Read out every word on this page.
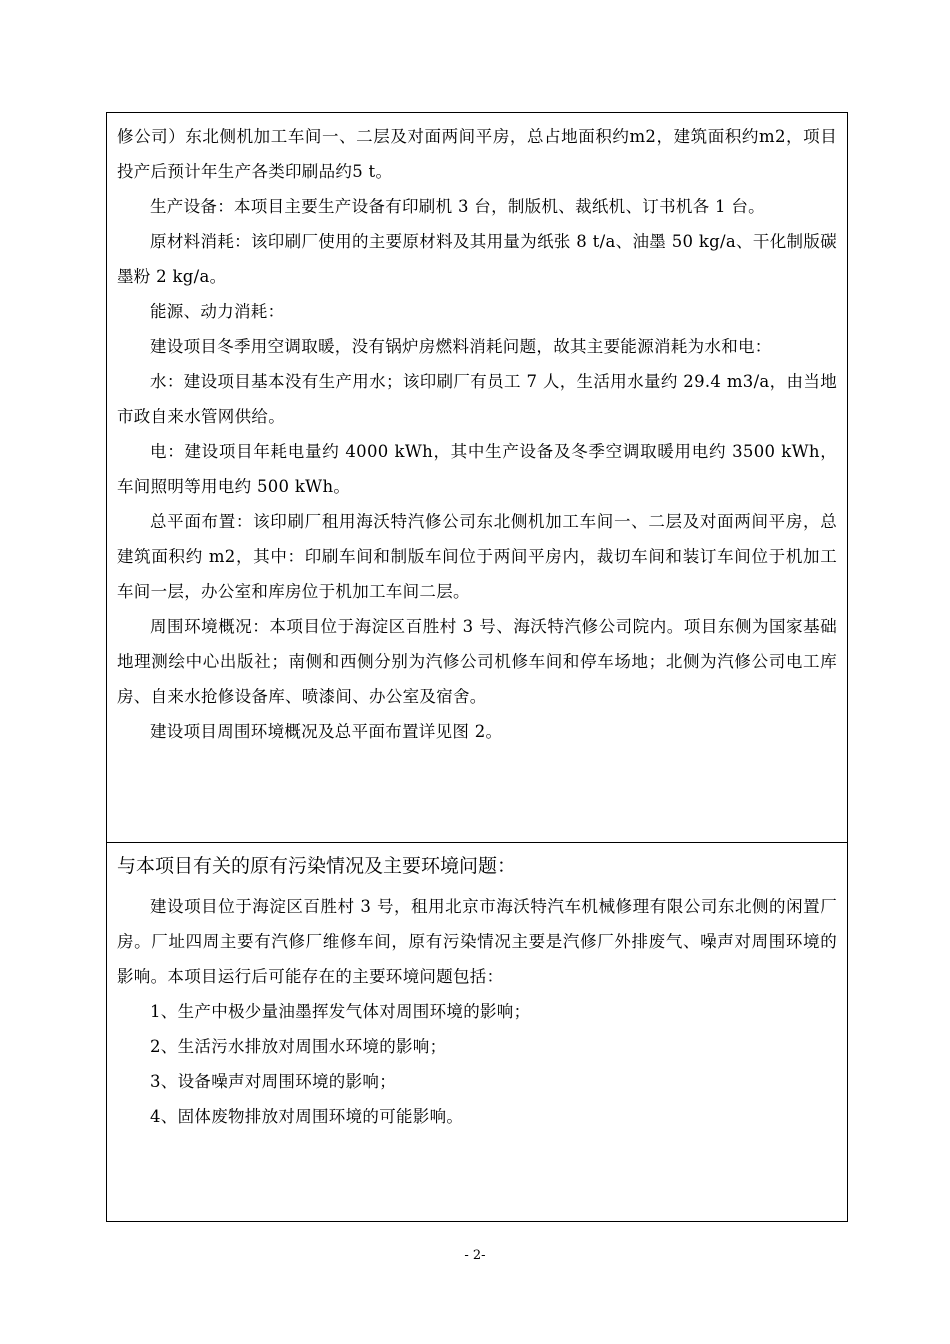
修公司）东北侧机加工车间一、二层及对面两间平房，总占地面积约m2，建筑面积约m2，项目投产后预计年生产各类印刷品约5 t。

生产设备：本项目主要生产设备有印刷机 3 台，制版机、裁纸机、订书机各 1 台。

原材料消耗：该印刷厂使用的主要原材料及其用量为纸张 8 t/a、油墨 50 kg/a、干化制版碳墨粉 2 kg/a。

能源、动力消耗：

建设项目冬季用空调取暖，没有锅炉房燃料消耗问题，故其主要能源消耗为水和电：

水：建设项目基本没有生产用水；该印刷厂有员工 7 人，生活用水量约 29.4 m3/a，由当地市政自来水管网供给。

电：建设项目年耗电量约 4000 kWh，其中生产设备及冬季空调取暖用电约 3500 kWh，车间照明等用电约 500 kWh。

总平面布置：该印刷厂租用海沃特汽修公司东北侧机加工车间一、二层及对面两间平房，总建筑面积约 m2，其中：印刷车间和制版车间位于两间平房内，裁切车间和装订车间位于机加工车间一层，办公室和库房位于机加工车间二层。

周围环境概况：本项目位于海淀区百胜村 3 号、海沃特汽修公司院内。项目东侧为国家基础地理测绘中心出版社；南侧和西侧分别为汽修公司机修车间和停车场地；北侧为汽修公司电工库房、自来水抢修设备库、喷漆间、办公室及宿舍。

建设项目周围环境概况及总平面布置详见图 2。

与本项目有关的原有污染情况及主要环境问题：

建设项目位于海淀区百胜村 3 号，租用北京市海沃特汽车机械修理有限公司东北侧的闲置厂房。厂址四周主要有汽修厂维修车间，原有污染情况主要是汽修厂外排废气、噪声对周围环境的影响。本项目运行后可能存在的主要环境问题包括：

1、生产中极少量油墨挥发气体对周围环境的影响；

2、生活污水排放对周围水环境的影响；

3、设备噪声对周围环境的影响；

4、固体废物排放对周围环境的可能影响。

- 2-
